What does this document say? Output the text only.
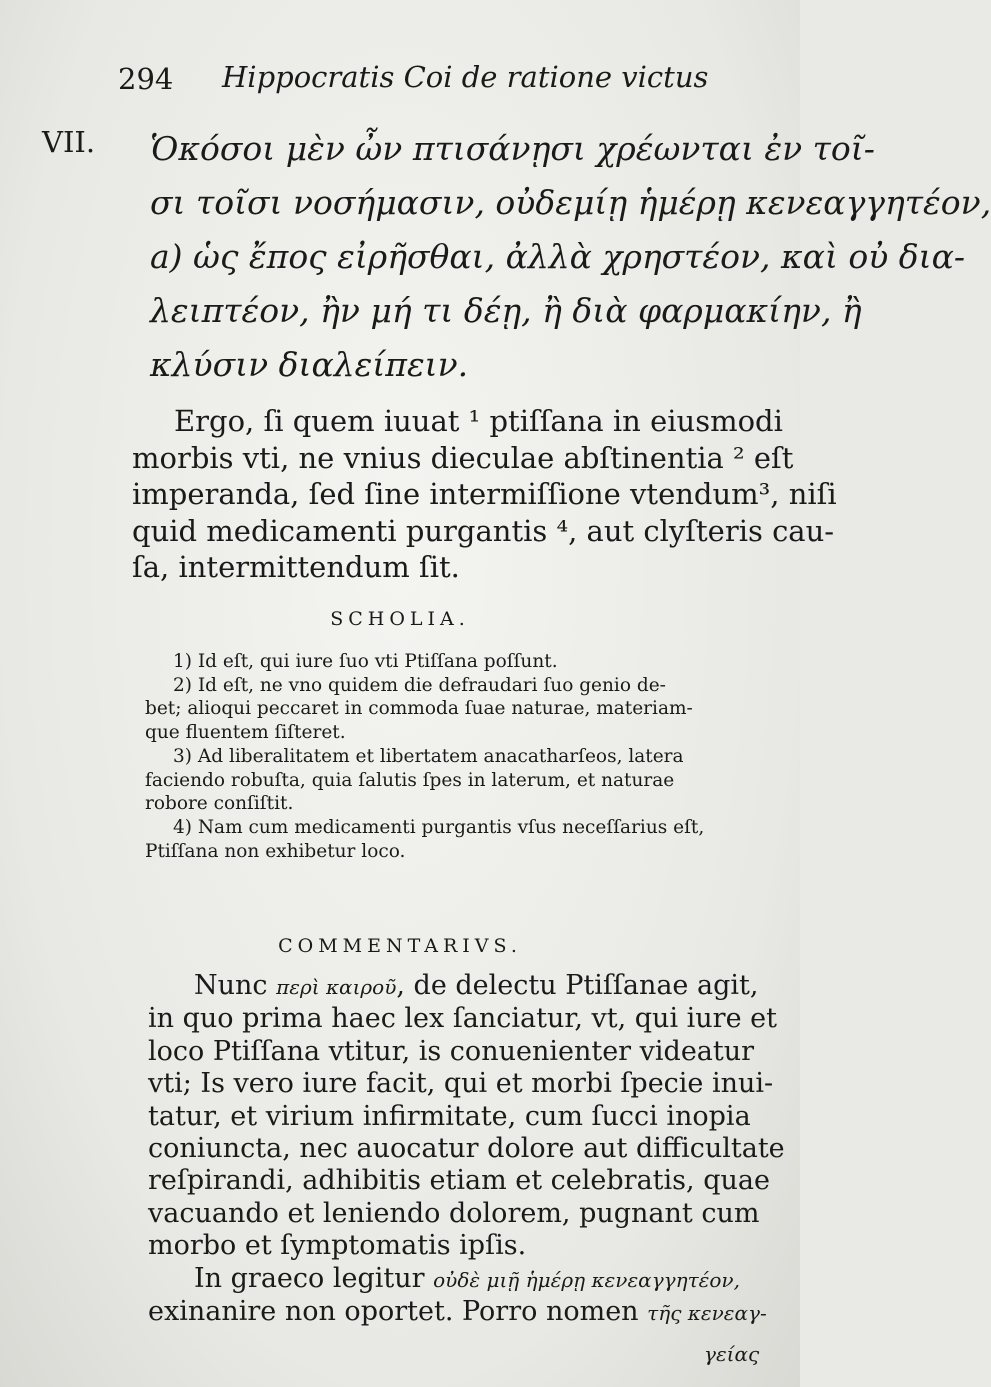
294 Hippocratis Coi de ratione victus
VII. Ὁκόσοι μὲν ὦν πτισάνῃσι χρέωνται ἐν τοῖ-
σι τοῖσι νοσήμασιν, οὐδεμίῃ ἡμέρῃ κενεαγγητέον,
a) ὡς ἔπος εἰρῆσθαι, ἀλλὰ χρηστέον, καὶ οὐ δια-
λειπτέον, ἢν μή τι δέῃ, ἢ διὰ φαρμακίην, ἢ
κλύσιν διαλείπειν.
Ergo, ſi quem iuuat ¹ ptiſſana in eiusmodi
morbis vti, ne vnius dieculae abſtinentia ² eſt
imperanda, ſed ſine intermiſſione vtendum³, niſi
quid medicamenti purgantis ⁴, aut clyſteris cau-
ſa, intermittendum ſit.
SCHOLIA.
1) Id eſt, qui iure ſuo vti Ptiſſana poſſunt.
2) Id eſt, ne vno quidem die defraudari ſuo genio de-
bet; alioqui peccaret in commoda ſuae naturae, materiam-
que fluentem ſiſteret.
3) Ad liberalitatem et libertatem anacatharſeos, latera
faciendo robuſta, quia ſalutis ſpes in laterum, et naturae
robore conſiſtit.
4) Nam cum medicamenti purgantis vſus neceſſarius eſt,
Ptiſſana non exhibetur loco.
COMMENTARIVS.
Nunc περὶ καιροῦ, de delectu Ptiſſanae agit,
in quo prima haec lex ſanciatur, vt, qui iure et
loco Ptiſſana vtitur, is conuenienter videatur
vti; Is vero iure facit, qui et morbi ſpecie inui-
tatur, et virium infirmitate, cum ſucci inopia
coniuncta, nec auocatur dolore aut difficultate
reſpirandi, adhibitis etiam et celebratis, quae
vacuando et leniendo dolorem, pugnant cum
morbo et ſymptomatis ipſis.
In graeco legitur οὐδὲ μιῇ ἡμέρῃ κενεαγγητέον,
exinanire non oportet. Porro nomen τῆς κενεαγ-
γείας
